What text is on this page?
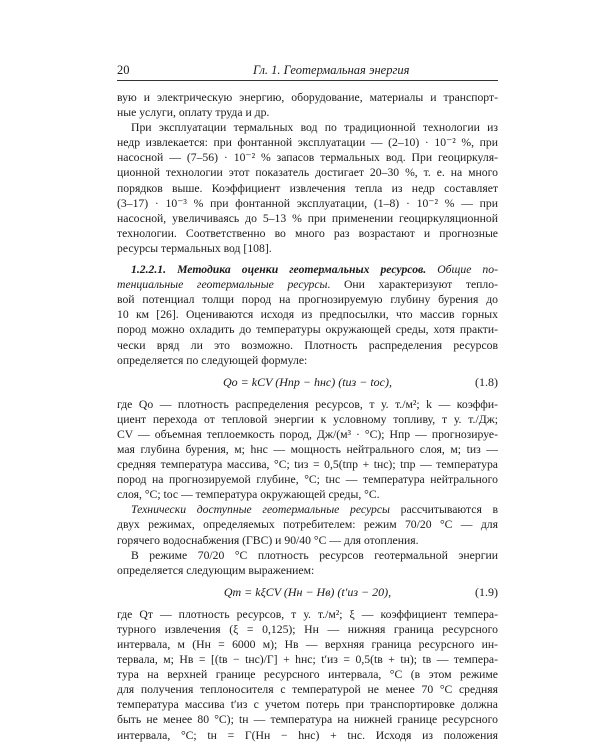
20	Гл. 1. Геотермальная энергия
вую и электрическую энергию, оборудование, материалы и транспорт-
ные услуги, оплату труда и др.
При эксплуатации термальных вод по традиционной технологии из
недр извлекается: при фонтанной эксплуатации — (2–10) · 10⁻² %, при
насосной — (7–56) · 10⁻² % запасов термальных вод. При геоциркуля-
ционной технологии этот показатель достигает 20–30 %, т. е. на много
порядков выше. Коэффициент извлечения тепла из недр составляет
(3–17) · 10⁻³ % при фонтанной эксплуатации, (1–8) · 10⁻² % — при
насосной, увеличиваясь до 5–13 % при применении геоциркуляционной
технологии. Соответственно во много раз возрастают и прогнозные
ресурсы термальных вод [108].
1.2.2.1. Методика оценки геотермальных ресурсов. Общие по-
тенциальные геотермальные ресурсы. Они характеризуют тепло-
вой потенциал толщи пород на прогнозируемую глубину бурения до
10 км [26]. Оцениваются исходя из предпосылки, что массив горных
пород можно охладить до температуры окружающей среды, хотя практи-
чески вряд ли это возможно. Плотность распределения ресурсов
определяется по следующей формуле:
Qо = kCV (Hпр − hнс) (tиз − tос),	(1.8)
где Qо — плотность распределения ресурсов, т у. т./м²; k — коэффи-
циент перехода от тепловой энергии к условному топливу, т у. т./Дж;
CV — объемная теплоемкость пород, Дж/(м³ · °С); Hпр — прогнозируе-
мая глубина бурения, м; hнс — мощность нейтрального слоя, м; tиз —
средняя температура массива, °С; tиз = 0,5(tпр + tнс); tпр — температура
пород на прогнозируемой глубине, °С; tнс — температура нейтрального
слоя, °С; tос — температура окружающей среды, °С.
Технически доступные геотермальные ресурсы рассчитываются в
двух режимах, определяемых потребителем: режим 70/20 °С — для
горячего водоснабжения (ГВС) и 90/40 °С — для отопления.
В режиме 70/20 °С плотность ресурсов геотермальной энергии
определяется следующим выражением:
Qт = kξCV (Hн − Hв) (t′из − 20),	(1.9)
где Qт — плотность ресурсов, т у. т./м²; ξ — коэффициент темпера-
турного извлечения (ξ = 0,125); Hн — нижняя граница ресурсного
интервала, м (Hн = 6000 м); Hв — верхняя граница ресурсного ин-
тервала, м; Hв = [(tв − tнс)/Г] + hнс; t′из = 0,5(tв + tн); tв — темпера-
тура на верхней границе ресурсного интервала, °С (в этом режиме
для получения теплоносителя с температурой не менее 70 °С средняя
температура массива t′из с учетом потерь при транспортировке должна
быть не менее 80 °С); tн — температура на нижней границе ресурсного
интервала, °С; tн = Г(Hн − hнс) + tнс. Исходя из положения
